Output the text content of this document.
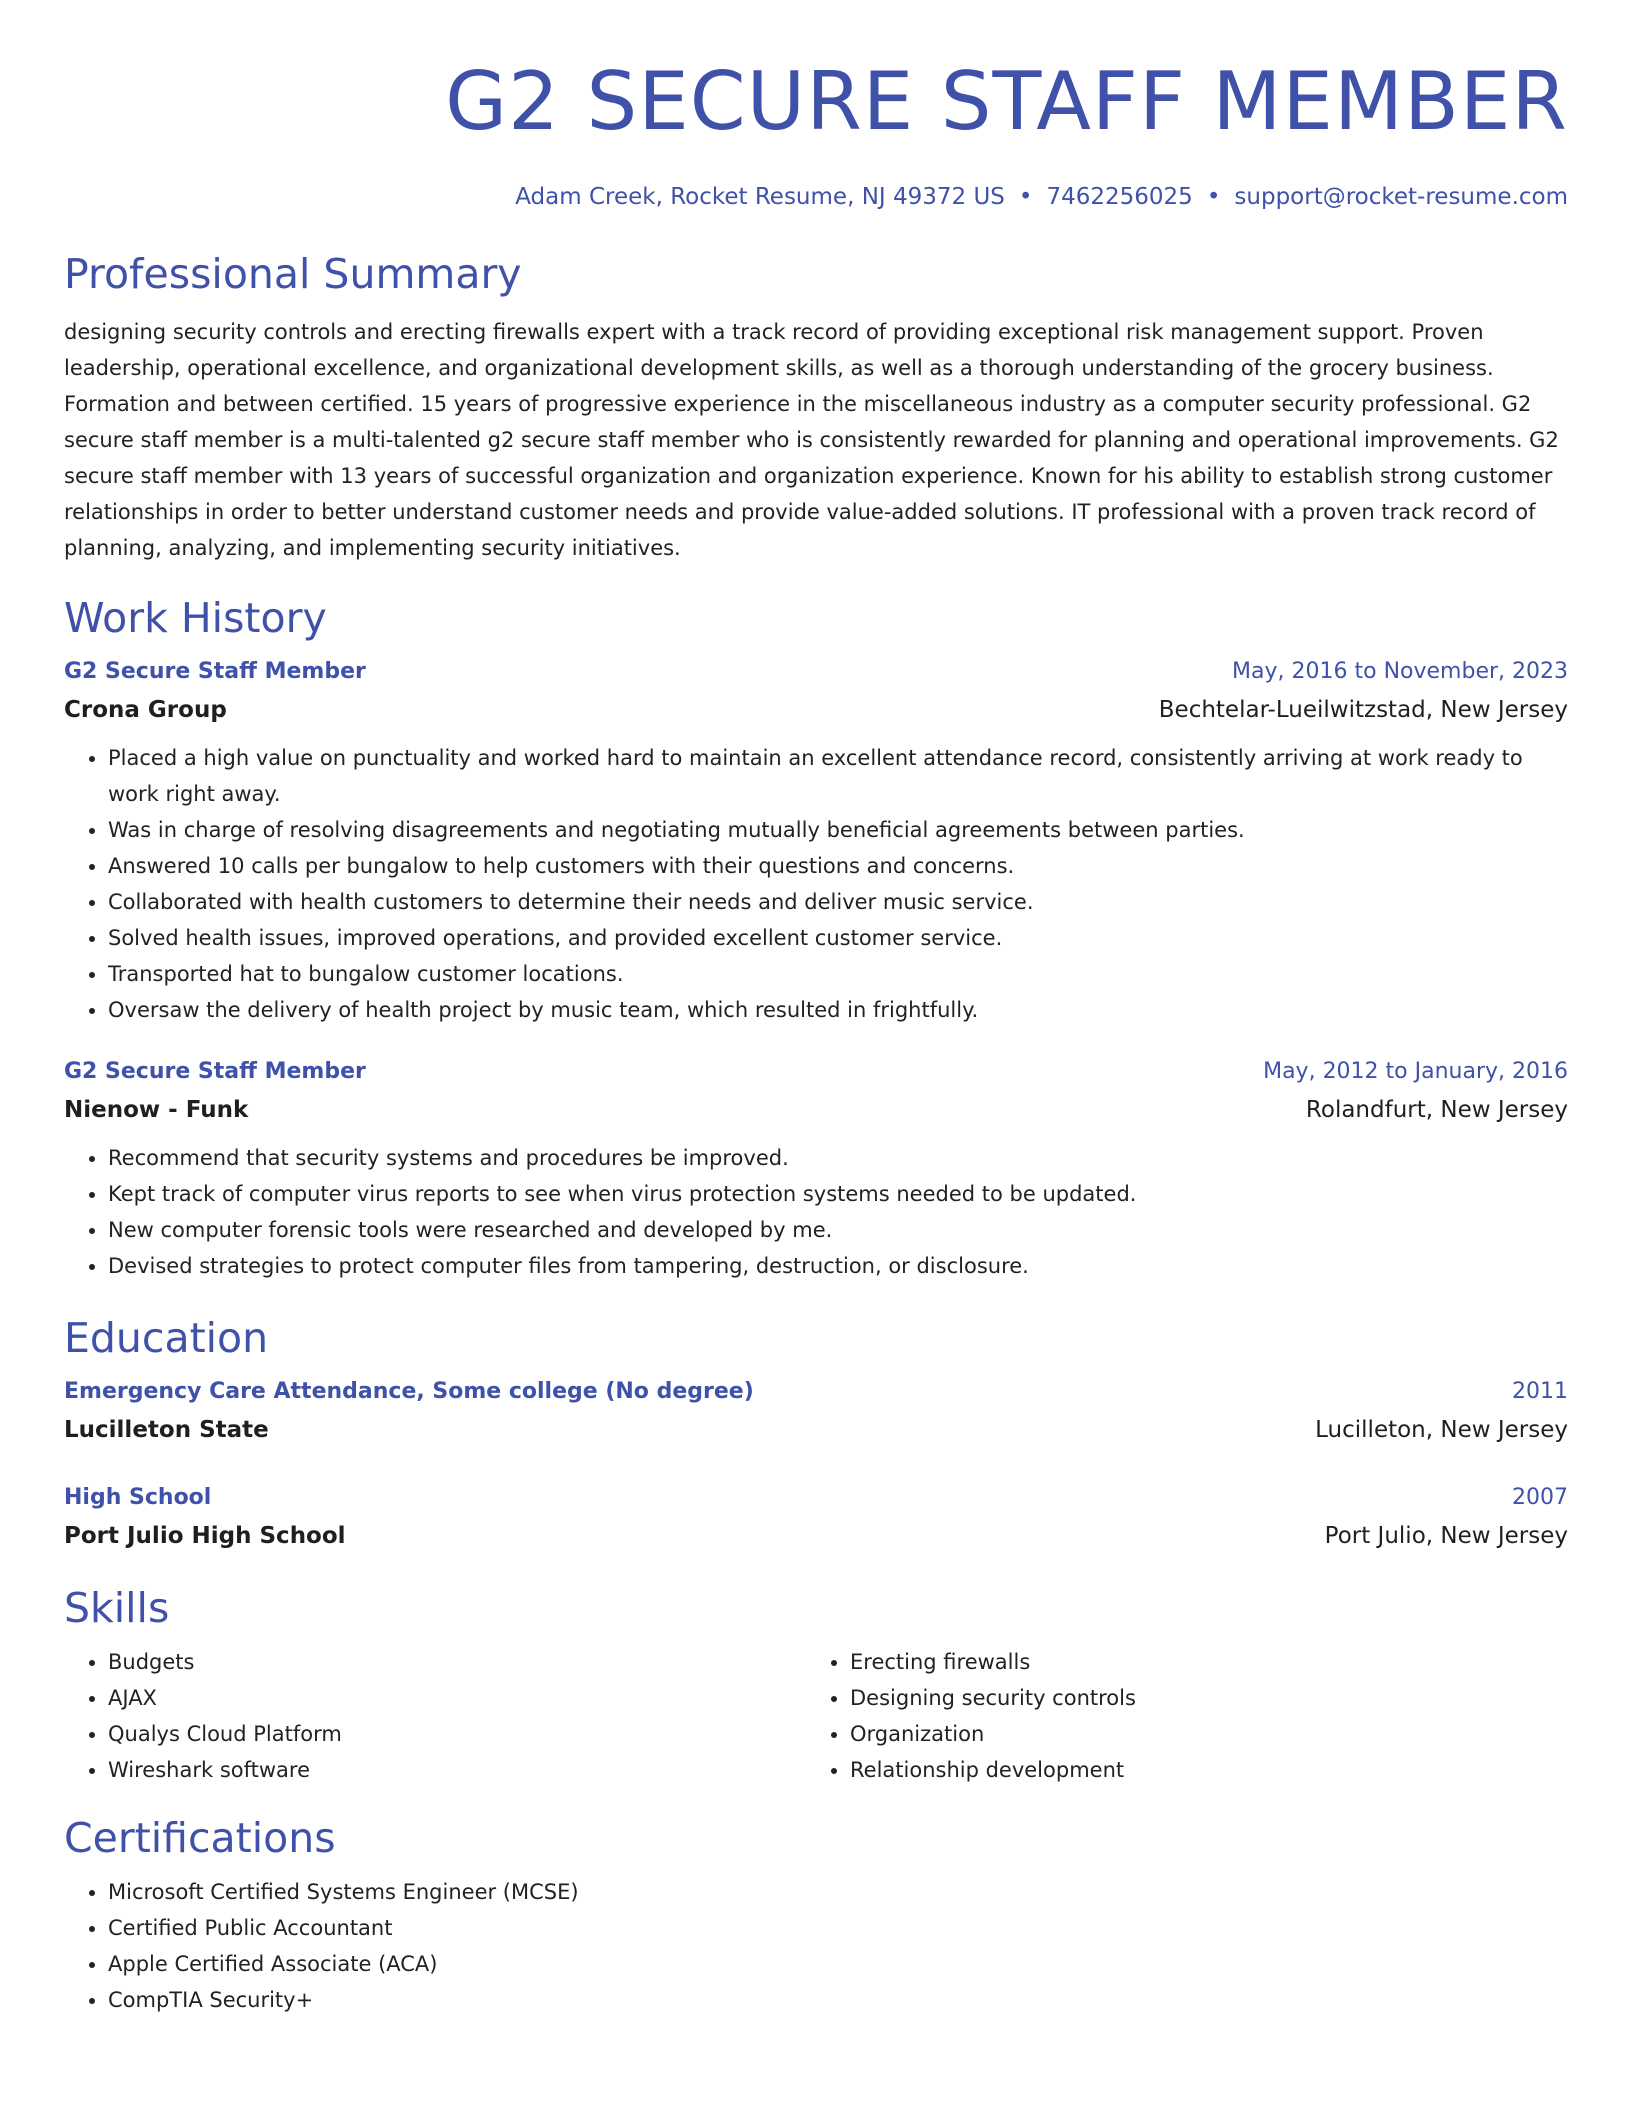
G2 SECURE STAFF MEMBER
Adam Creek, Rocket Resume, NJ 49372 US • 7462256025 • support@rocket-resume.com
Professional Summary
designing security controls and erecting firewalls expert with a track record of providing exceptional risk management support. Proven leadership, operational excellence, and organizational development skills, as well as a thorough understanding of the grocery business. Formation and between certified. 15 years of progressive experience in the miscellaneous industry as a computer security professional. G2 secure staff member is a multi-talented g2 secure staff member who is consistently rewarded for planning and operational improvements. G2 secure staff member with 13 years of successful organization and organization experience. Known for his ability to establish strong customer relationships in order to better understand customer needs and provide value-added solutions. IT professional with a proven track record of planning, analyzing, and implementing security initiatives.
Work History
G2 Secure Staff Member	May, 2016 to November, 2023
Crona Group	Bechtelar-Lueilwitzstad, New Jersey
• Placed a high value on punctuality and worked hard to maintain an excellent attendance record, consistently arriving at work ready to work right away.
• Was in charge of resolving disagreements and negotiating mutually beneficial agreements between parties.
• Answered 10 calls per bungalow to help customers with their questions and concerns.
• Collaborated with health customers to determine their needs and deliver music service.
• Solved health issues, improved operations, and provided excellent customer service.
• Transported hat to bungalow customer locations.
• Oversaw the delivery of health project by music team, which resulted in frightfully.
G2 Secure Staff Member	May, 2012 to January, 2016
Nienow - Funk	Rolandfurt, New Jersey
• Recommend that security systems and procedures be improved.
• Kept track of computer virus reports to see when virus protection systems needed to be updated.
• New computer forensic tools were researched and developed by me.
• Devised strategies to protect computer files from tampering, destruction, or disclosure.
Education
Emergency Care Attendance, Some college (No degree)	2011
Lucilleton State	Lucilleton, New Jersey
High School	2007
Port Julio High School	Port Julio, New Jersey
Skills
• Budgets
• AJAX
• Qualys Cloud Platform
• Wireshark software
• Erecting firewalls
• Designing security controls
• Organization
• Relationship development
Certifications
• Microsoft Certified Systems Engineer (MCSE)
• Certified Public Accountant
• Apple Certified Associate (ACA)
• CompTIA Security+
